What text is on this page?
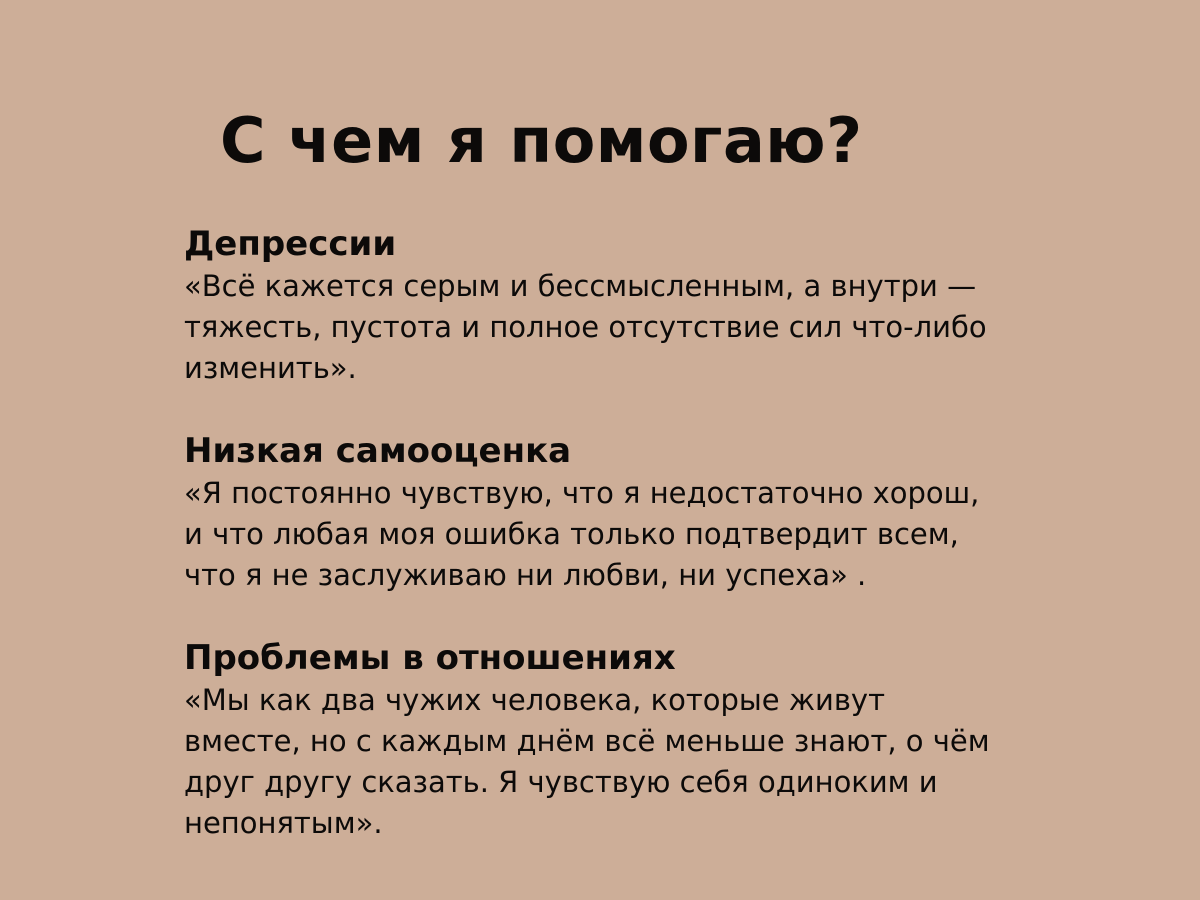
С чем я помогаю?
Депрессии

«Всё кажется серым и бессмысленным, а внутри —
тяжесть, пустота и полное отсутствие сил что-либо
изменить».

Низкая самооценка

«Я постоянно чувствую, что я недостаточно хорош,
и что любая моя ошибка только подтвердит всем,
что я не заслуживаю ни любви, ни успеха» .

Проблемы в отношениях

«Мы как два чужих человека, которые живут
вместе, но с каждым днём всё меньше знают, о чём
друг другу сказать. Я чувствую себя одиноким и
непонятым».
